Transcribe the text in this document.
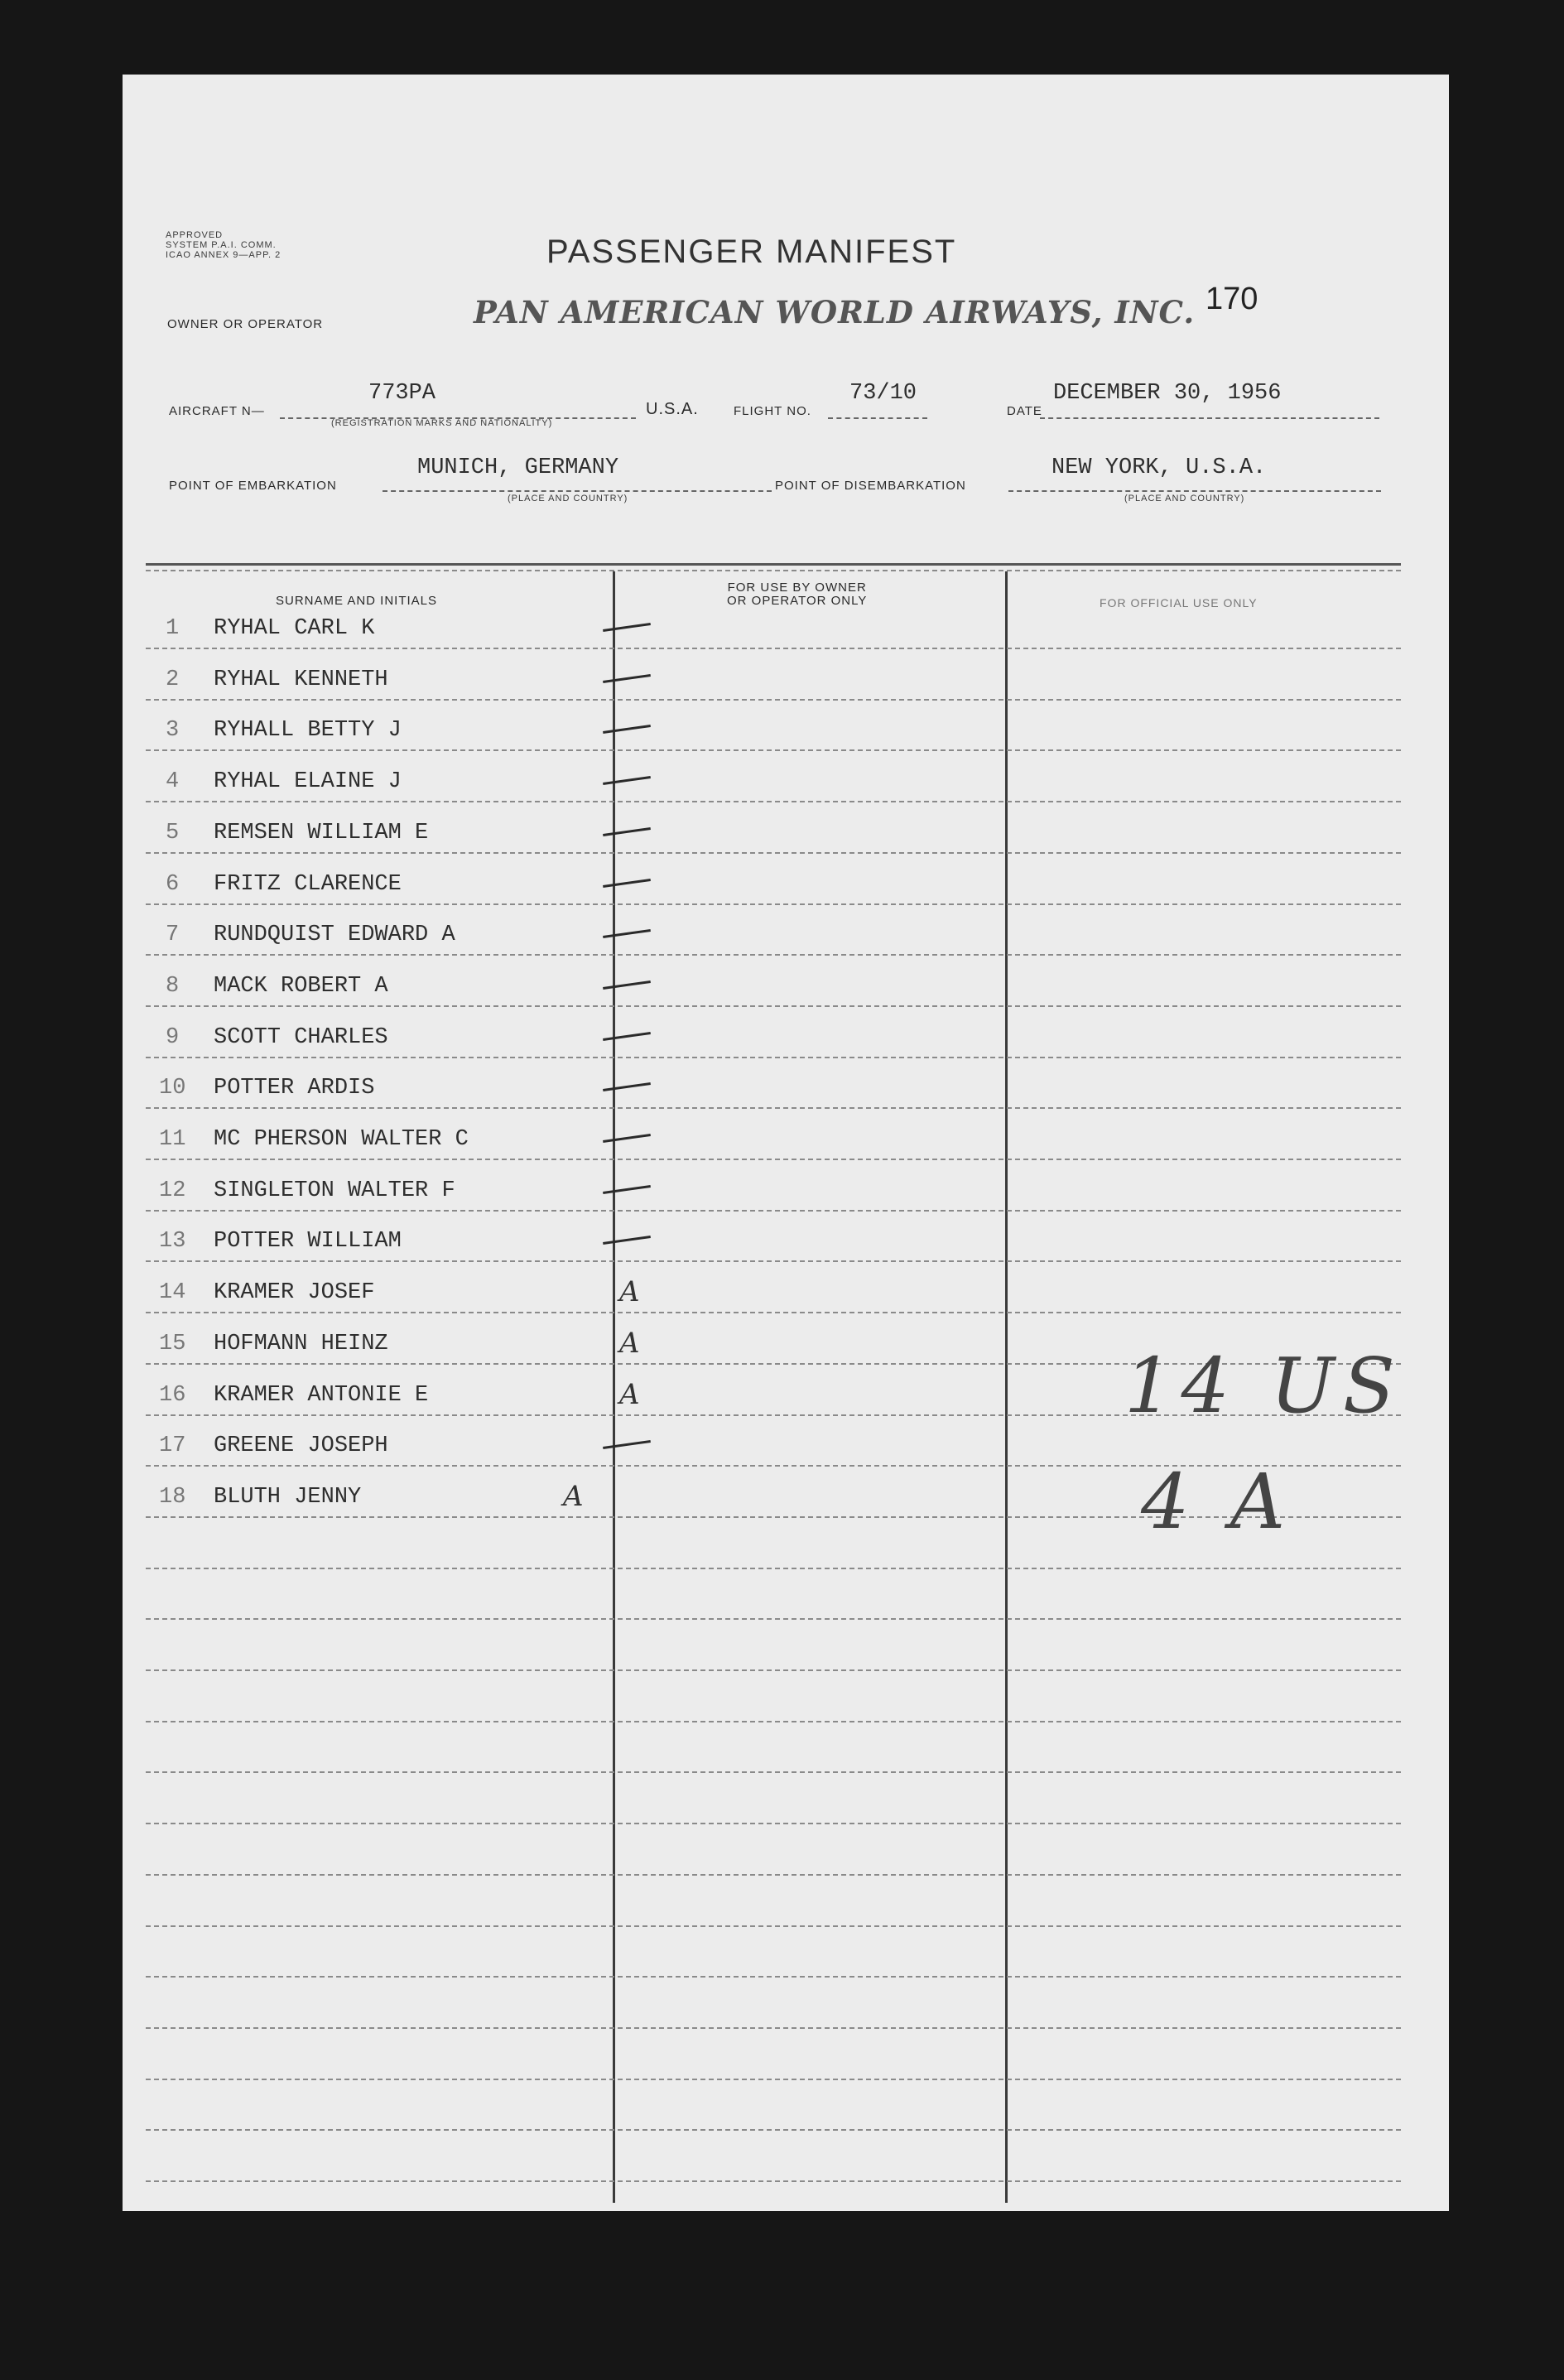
APPROVED
SYSTEM P.A.I. COMM.
ICAO ANNEX 9—APP. 2	PASSENGER MANIFEST
OWNER OR OPERATOR	PAN AMERICAN WORLD AIRWAYS, INC. 170
AIRCRAFT N—
773PA
(REGISTRATION MARKS AND NATIONALITY)
U.S.A.	FLIGHT NO.
73/10
DATE
DECEMBER 30, 1956
POINT OF EMBARKATION
MUNICH, GERMANY
(PLACE AND COUNTRY)
POINT OF DISEMBARKATION
NEW YORK, U.S.A.
(PLACE AND COUNTRY)
SURNAME AND INITIALS
FOR USE BY OWNER
OR OPERATOR ONLY	FOR OFFICIAL USE ONLY
1 RYHAL CARL K
2 RYHAL KENNETH
3 RYHALL BETTY J
4 RYHAL ELAINE J
5 REMSEN WILLIAM E
6 FRITZ CLARENCE
7 RUNDQUIST EDWARD A
8 MACK ROBERT A
9 SCOTT CHARLES
10 POTTER ARDIS
11 MC PHERSON WALTER C
12 SINGLETON WALTER F
13 POTTER WILLIAM
14 KRAMER JOSEF	A
15 HOFMANN HEINZ	A
16 KRAMER ANTONIE E	A
17 GREENE JOSEPH
18 BLUTH JENNY	A
14 US
4 A
